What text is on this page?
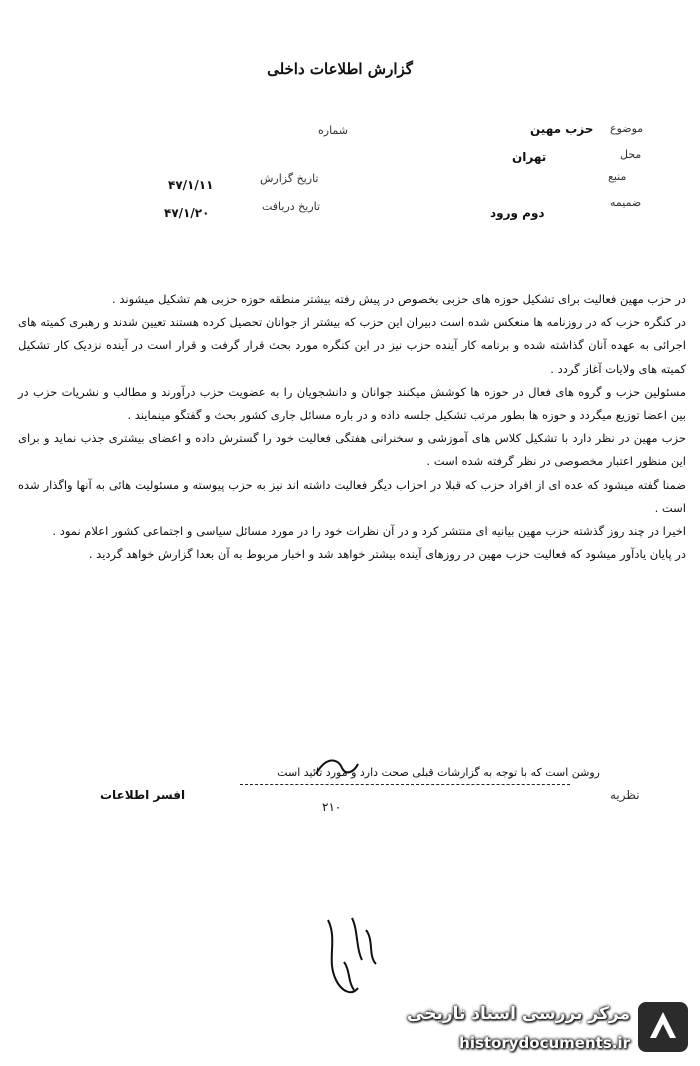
گزارش اطلاعات داخلی
موضوع
حزب مهین
محل
تهران
منبع
ضمیمه
دوم ورود
شماره
تاریخ گزارش
۴۷/۱/۱۱
تاریخ دریافت
۴۷/۱/۲۰

در حزب مهین فعالیت برای تشکیل حوزه های حزبی بخصوص در پیش رفته بیشتر منطقه حوزه حزبی هم تشکیل میشوند .

در کنگره حزب که در روزنامه ها منعکس شده است دبیران این حزب که بیشتر از جوانان تحصیل کرده هستند تعیین شدند و رهبری کمیته های اجرائی به عهده آنان گذاشته شده و برنامه کار آینده حزب نیز در این کنگره مورد بحث قرار گرفت و قرار است در آینده نزدیک کار تشکیل کمیته های ولایات آغاز گردد .

مسئولین حزب و گروه های فعال در حوزه ها کوشش میکنند جوانان و دانشجویان را به عضویت حزب درآورند و مطالب و نشریات حزب در بین اعضا توزیع میگردد و حوزه ها بطور مرتب تشکیل جلسه داده و در باره مسائل جاری کشور بحث و گفتگو مینمایند .

حزب مهین در نظر دارد با تشکیل کلاس های آموزشی و سخنرانی هفتگی فعالیت خود را گسترش داده و اعضای بیشتری جذب نماید و برای این منظور اعتبار مخصوصی در نظر گرفته شده است .

ضمنا گفته میشود که عده ای از افراد حزب که قبلا در احزاب دیگر فعالیت داشته اند نیز به حزب پیوسته و مسئولیت هائی به آنها واگذار شده است .

اخیرا در چند روز گذشته حزب مهین بیانیه ای منتشر کرد و در آن نظرات خود را در مورد مسائل سیاسی و اجتماعی کشور اعلام نمود .

در پایان یادآور میشود که فعالیت حزب مهین در روزهای آینده بیشتر خواهد شد و اخبار مربوط به آن بعدا گزارش خواهد گردید .

نظریه
روشن است که با توجه به گزارشات قبلی صحت دارد و مورد تائید است
۲۱۰
افسر اطلاعات
مرکز بررسی اسناد تاریخی
historydocuments.ir
